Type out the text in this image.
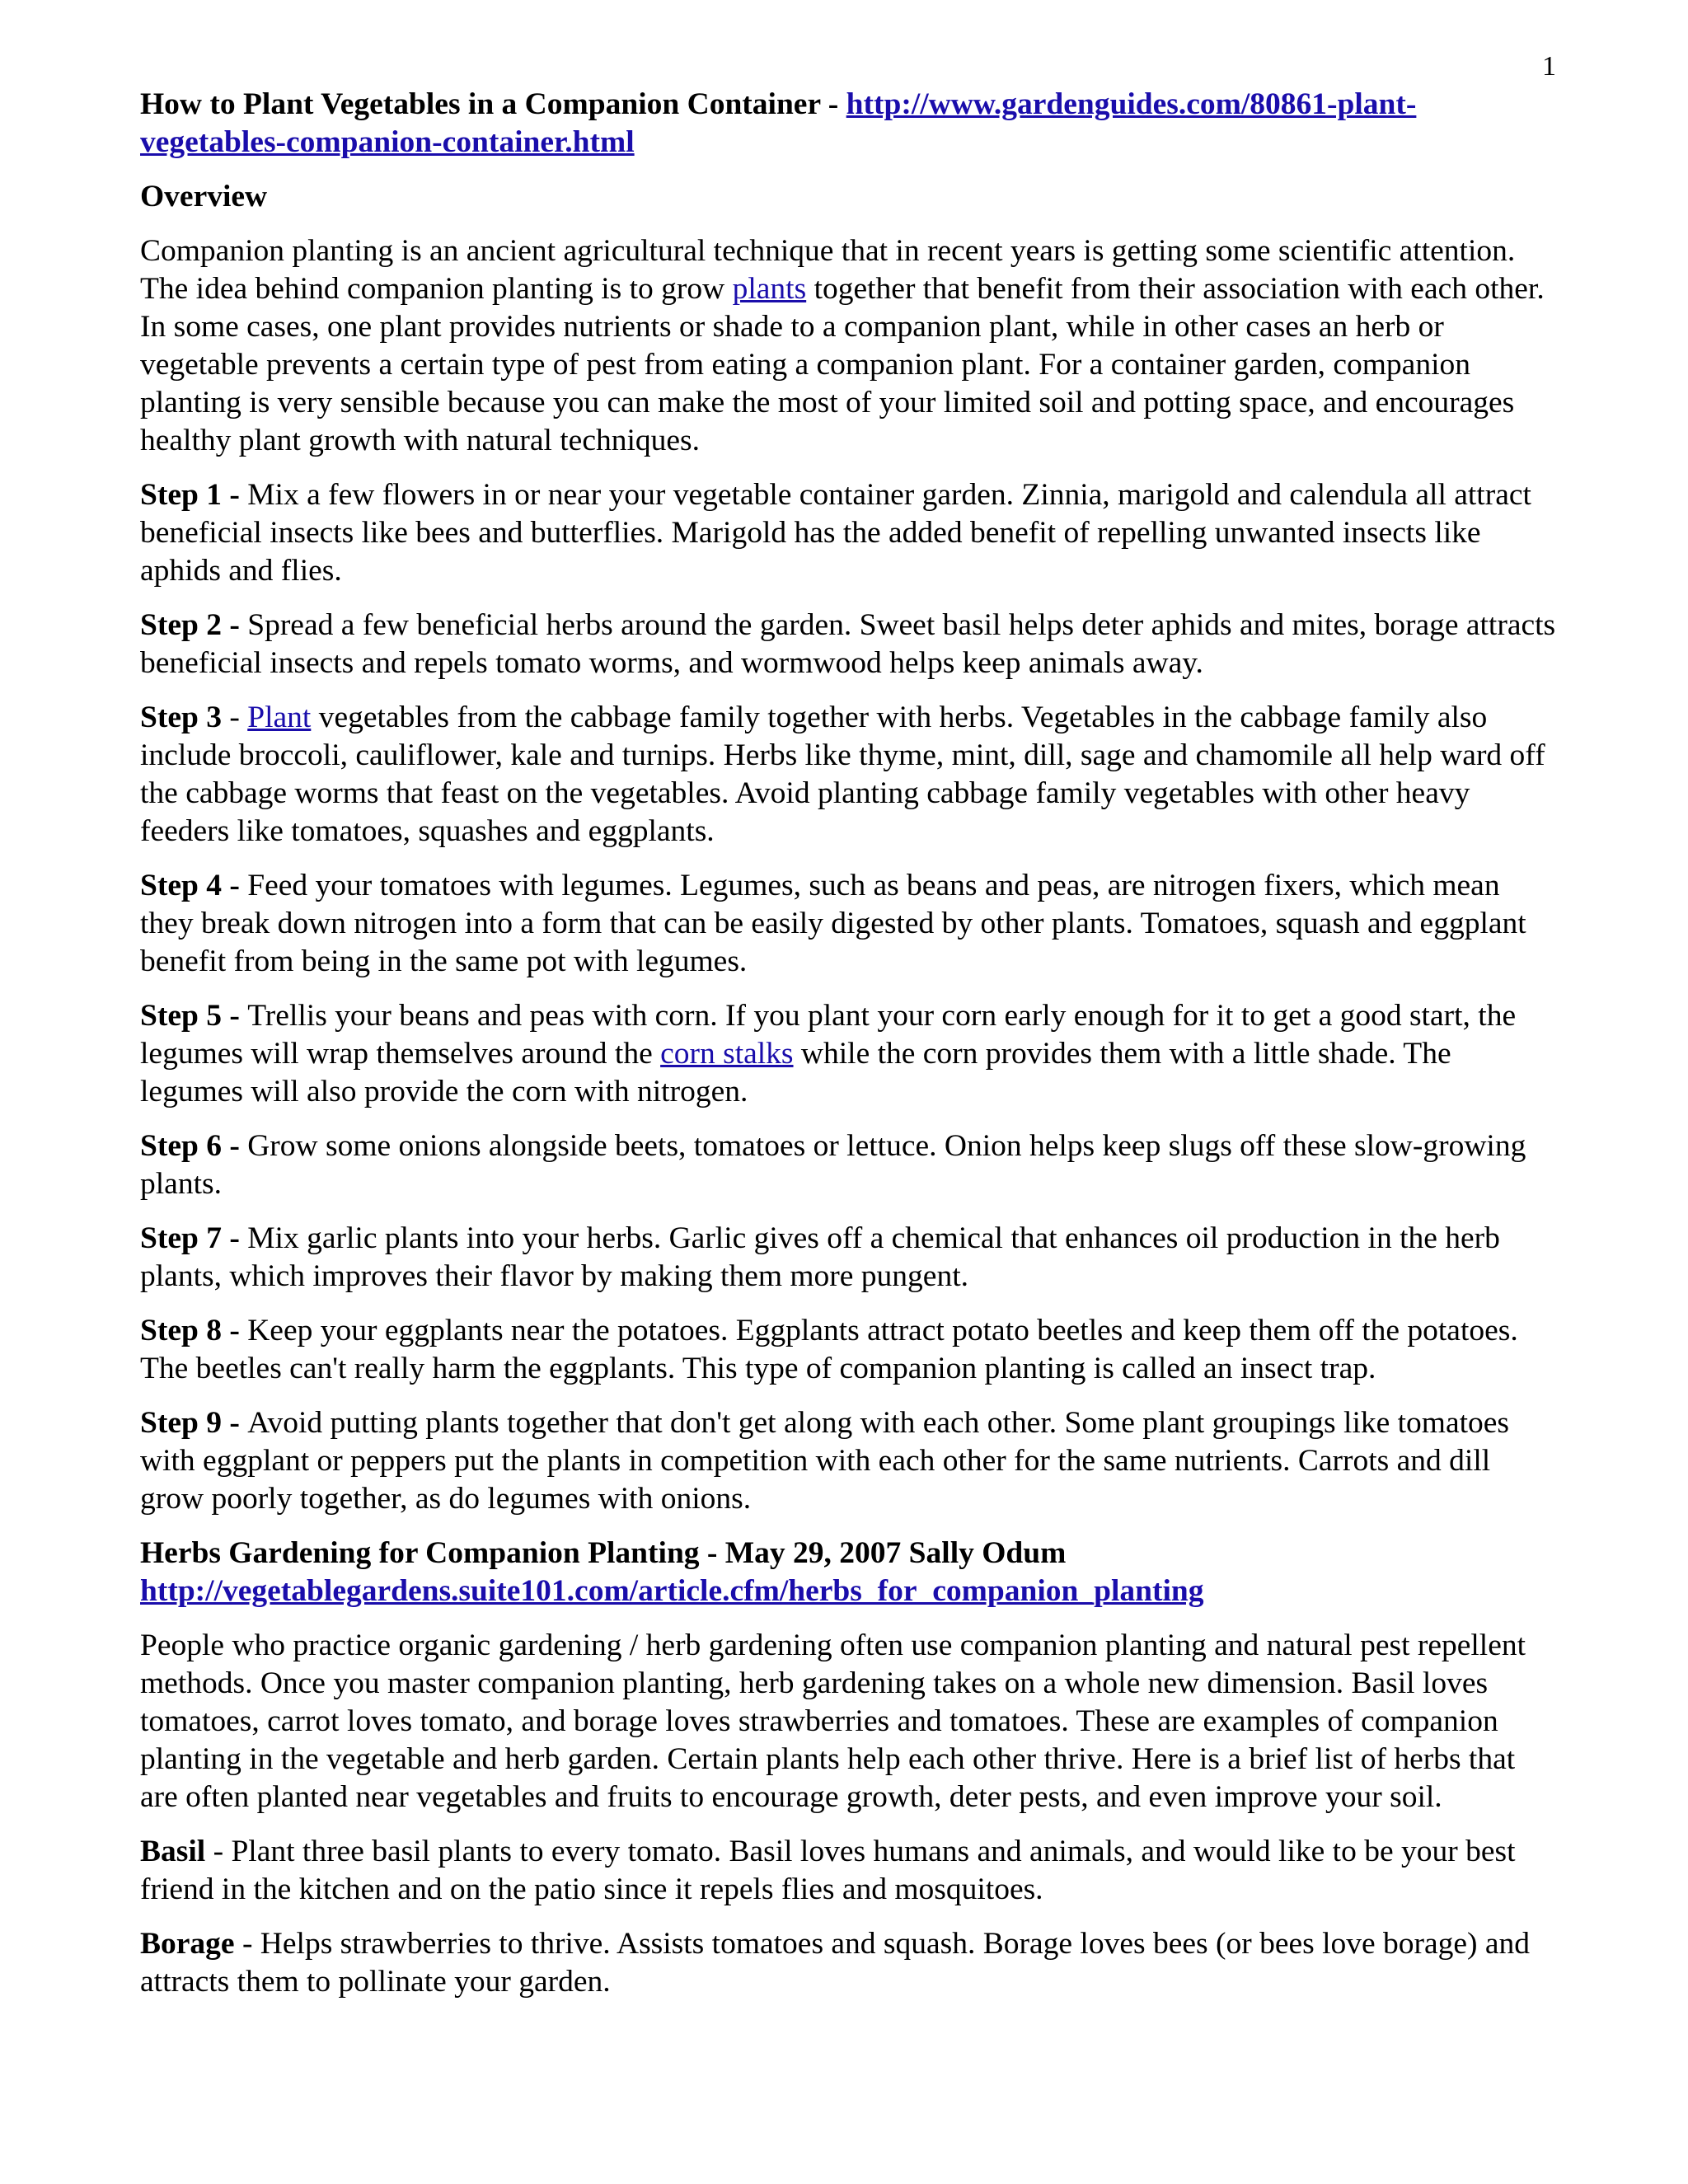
1
How to Plant Vegetables in a Companion Container - http://www.gardenguides.com/80861-plant-vegetables-companion-container.html
Overview

Companion planting is an ancient agricultural technique that in recent years is getting some scientific attention. The idea behind companion planting is to grow plants together that benefit from their association with each other. In some cases, one plant provides nutrients or shade to a companion plant, while in other cases an herb or vegetable prevents a certain type of pest from eating a companion plant. For a container garden, companion planting is very sensible because you can make the most of your limited soil and potting space, and encourages healthy plant growth with natural techniques.

Step 1 - Mix a few flowers in or near your vegetable container garden. Zinnia, marigold and calendula all attract beneficial insects like bees and butterflies. Marigold has the added benefit of repelling unwanted insects like aphids and flies.

Step 2 - Spread a few beneficial herbs around the garden. Sweet basil helps deter aphids and mites, borage attracts beneficial insects and repels tomato worms, and wormwood helps keep animals away.

Step 3 - Plant vegetables from the cabbage family together with herbs. Vegetables in the cabbage family also include broccoli, cauliflower, kale and turnips. Herbs like thyme, mint, dill, sage and chamomile all help ward off the cabbage worms that feast on the vegetables. Avoid planting cabbage family vegetables with other heavy feeders like tomatoes, squashes and eggplants.

Step 4 - Feed your tomatoes with legumes. Legumes, such as beans and peas, are nitrogen fixers, which mean they break down nitrogen into a form that can be easily digested by other plants. Tomatoes, squash and eggplant benefit from being in the same pot with legumes.

Step 5 - Trellis your beans and peas with corn. If you plant your corn early enough for it to get a good start, the legumes will wrap themselves around the corn stalks while the corn provides them with a little shade. The legumes will also provide the corn with nitrogen.

Step 6 - Grow some onions alongside beets, tomatoes or lettuce. Onion helps keep slugs off these slow-growing plants.

Step 7 - Mix garlic plants into your herbs. Garlic gives off a chemical that enhances oil production in the herb plants, which improves their flavor by making them more pungent.

Step 8 - Keep your eggplants near the potatoes. Eggplants attract potato beetles and keep them off the potatoes. The beetles can't really harm the eggplants. This type of companion planting is called an insect trap.

Step 9 - Avoid putting plants together that don't get along with each other. Some plant groupings like tomatoes with eggplant or peppers put the plants in competition with each other for the same nutrients. Carrots and dill grow poorly together, as do legumes with onions.

Herbs Gardening for Companion Planting - May 29, 2007 Sally Odum
http://vegetablegardens.suite101.com/article.cfm/herbs_for_companion_planting

People who practice organic gardening / herb gardening often use companion planting and natural pest repellent methods. Once you master companion planting, herb gardening takes on a whole new dimension. Basil loves tomatoes, carrot loves tomato, and borage loves strawberries and tomatoes. These are examples of companion planting in the vegetable and herb garden. Certain plants help each other thrive. Here is a brief list of herbs that are often planted near vegetables and fruits to encourage growth, deter pests, and even improve your soil.

Basil - Plant three basil plants to every tomato. Basil loves humans and animals, and would like to be your best friend in the kitchen and on the patio since it repels flies and mosquitoes.

Borage - Helps strawberries to thrive. Assists tomatoes and squash. Borage loves bees (or bees love borage) and attracts them to pollinate your garden.
